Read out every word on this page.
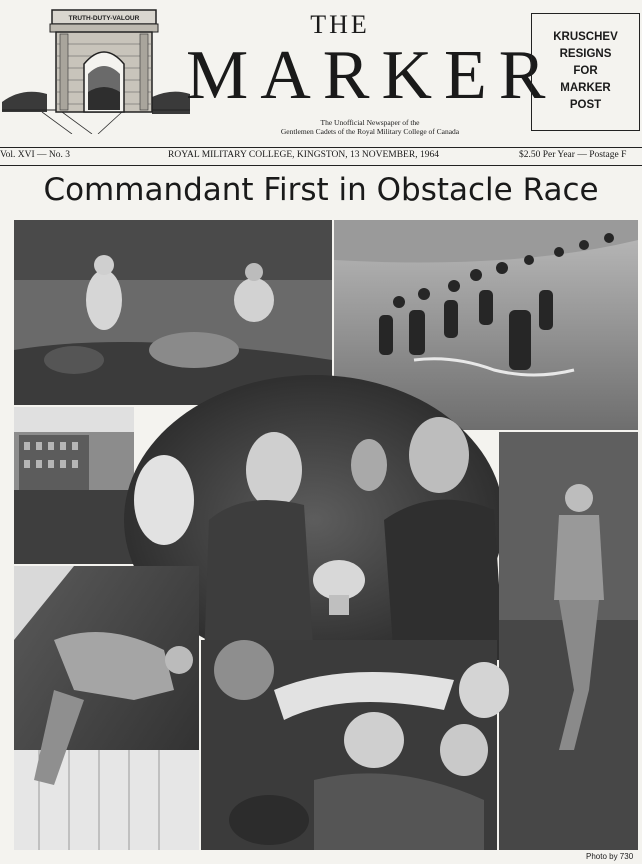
TRUTH-DUTY-VALOUR	THE
MARKER
The Unofficial Newspaper of the
Gentlemen Cadets of the Royal Military College of Canada
KRUSCHEV
RESIGNS
FOR
MARKER
POST
Vol. XVI — No. 3	ROYAL MILITARY COLLEGE, KINGSTON, 13 NOVEMBER, 1964	$2.50 Per Year — Postage F
Commandant First in Obstacle Race
Photo by 730
